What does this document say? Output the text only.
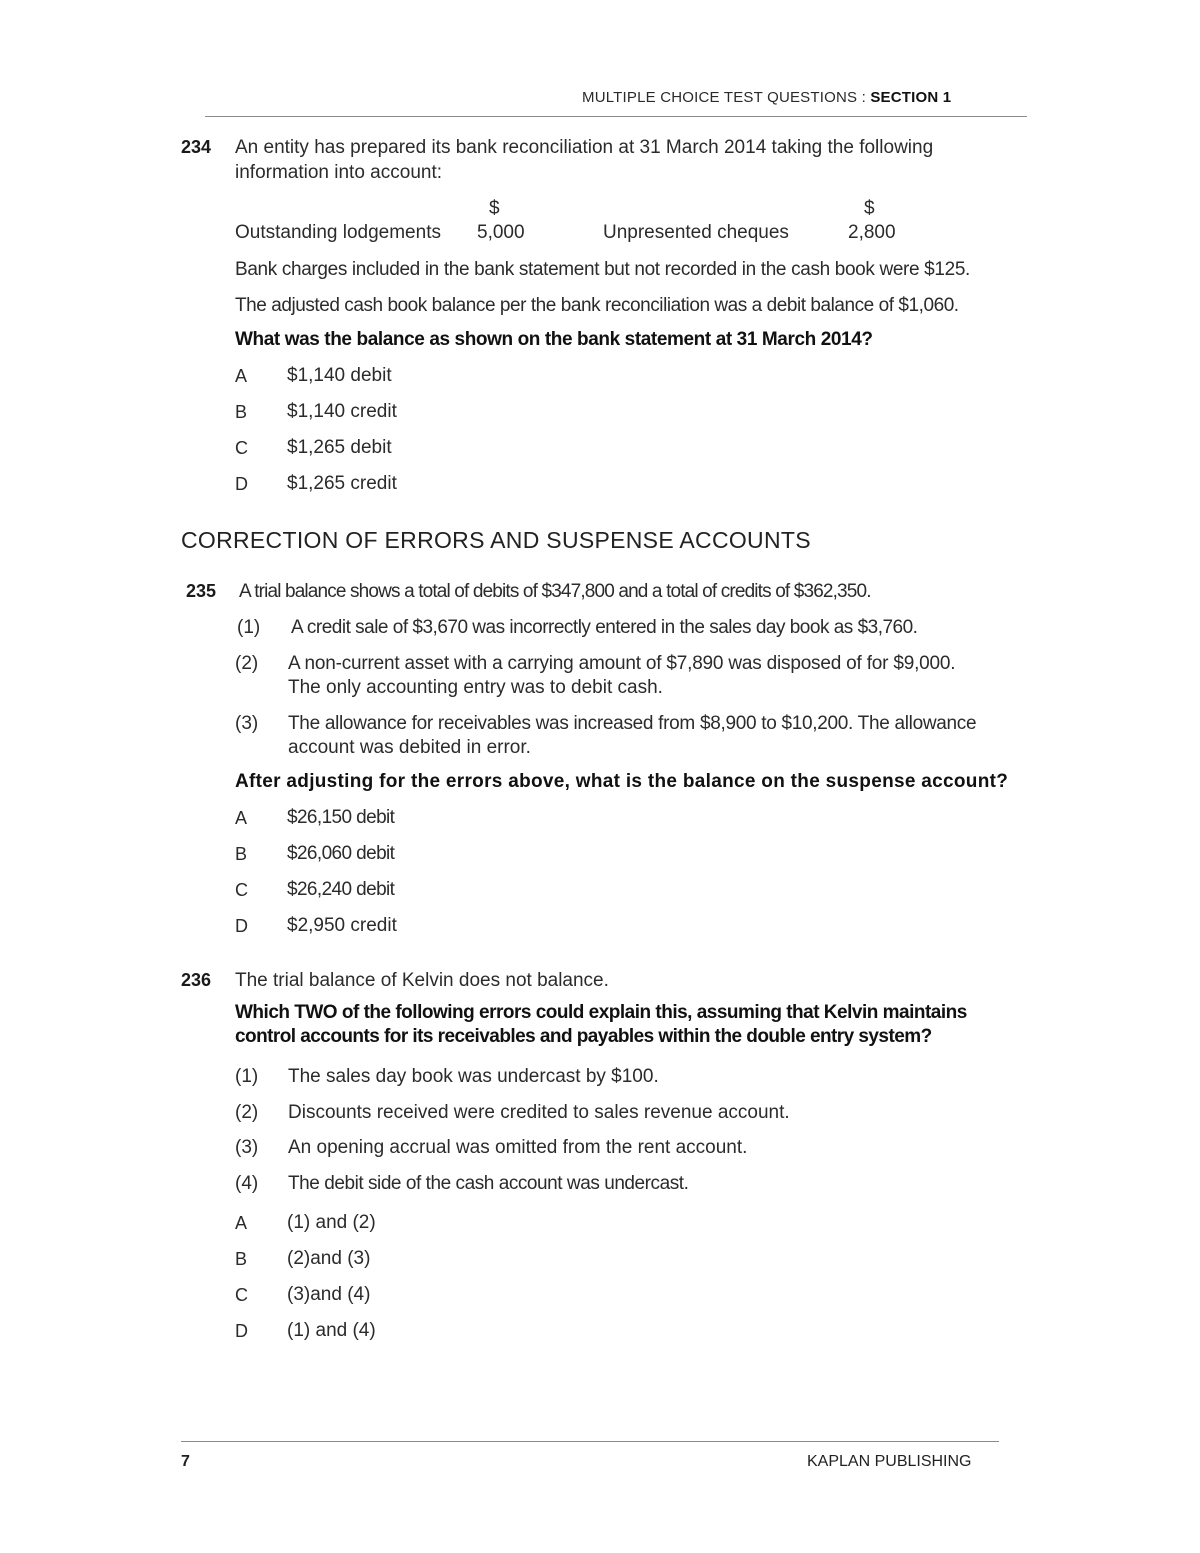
MULTIPLE CHOICE TEST QUESTIONS : SECTION 1
234 An entity has prepared its bank reconciliation at 31 March 2014 taking the following
information into account:
$	$
Outstanding lodgements 5,000	Unpresented cheques	2,800
Bank charges included in the bank statement but not recorded in the cash book were $125.
The adjusted cash book balance per the bank reconciliation was a debit balance of $1,060.
What was the balance as shown on the bank statement at 31 March 2014?
A $1,140 debit
B $1,140 credit
C $1,265 debit
D $1,265 credit
CORRECTION OF ERRORS AND SUSPENSE ACCOUNTS
235 A trial balance shows a total of debits of $347,800 and a total of credits of $362,350.
(1) A credit sale of $3,670 was incorrectly entered in the sales day book as $3,760.
(2) A non-current asset with a carrying amount of $7,890 was disposed of for $9,000.
The only accounting entry was to debit cash.
(3) The allowance for receivables was increased from $8,900 to $10,200. The allowance
account was debited in error.
After adjusting for the errors above, what is the balance on the suspense account?
A $26,150 debit
B $26,060 debit
C $26,240 debit
D $2,950 credit
236 The trial balance of Kelvin does not balance.
Which TWO of the following errors could explain this, assuming that Kelvin maintains
control accounts for its receivables and payables within the double entry system?
(1) The sales day book was undercast by $100.
(2) Discounts received were credited to sales revenue account.
(3) An opening accrual was omitted from the rent account.
(4) The debit side of the cash account was undercast.
A (1) and (2)
B (2)and (3)
C (3)and (4)
D (1) and (4)
7	KAPLAN PUBLISHING
